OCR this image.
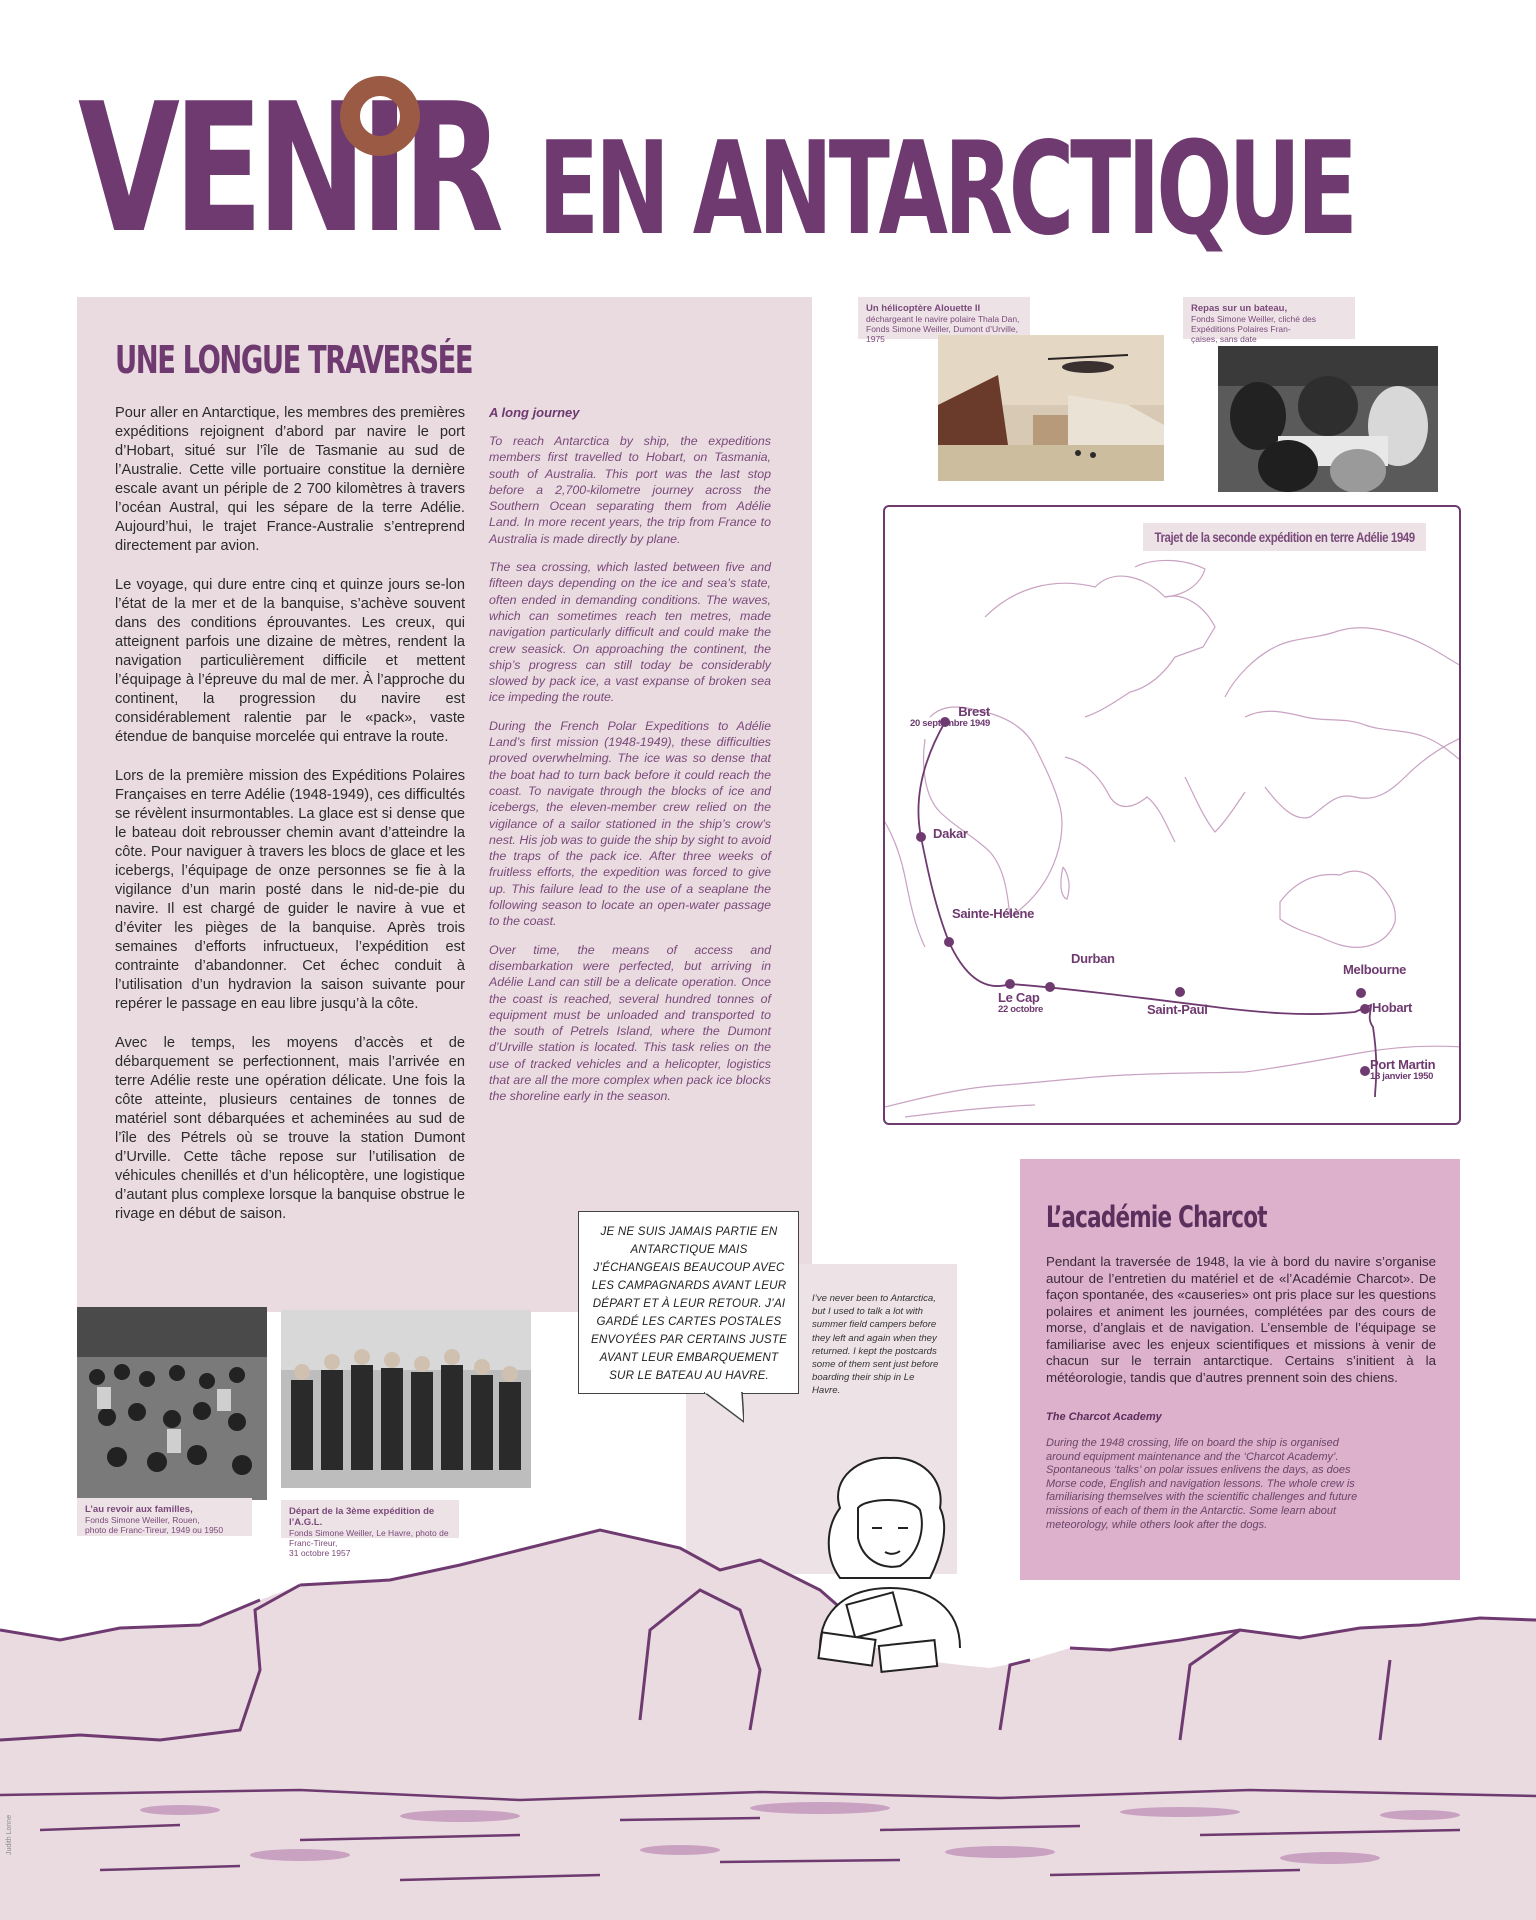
VENIR EN ANTARCTIQUE
UNE LONGUE TRAVERSÉE

Pour aller en Antarctique, les membres des premières expéditions rejoignent d’abord par navire le port d’Hobart, situé sur l’île de Tasmanie au sud de l’Australie. Cette ville portuaire constitue la dernière escale avant un périple de 2 700 kilomètres à travers l’océan Austral, qui les sépare de la terre Adélie. Aujourd’hui, le trajet France-Australie s’entreprend directement par avion.

Le voyage, qui dure entre cinq et quinze jours se-lon l’état de la mer et de la banquise, s’achève souvent dans des conditions éprouvantes. Les creux, qui atteignent parfois une dizaine de mètres, rendent la navigation particulièrement difficile et mettent l’équipage à l’épreuve du mal de mer. À l’approche du continent, la progression du navire est considérablement ralentie par le «pack», vaste étendue de banquise morcelée qui entrave la route.

Lors de la première mission des Expéditions Polaires Françaises en terre Adélie (1948-1949), ces difficultés se révèlent insurmontables. La glace est si dense que le bateau doit rebrousser chemin avant d’atteindre la côte. Pour naviguer à travers les blocs de glace et les icebergs, l’équipage de onze personnes se fie à la vigilance d’un marin posté dans le nid-de-pie du navire. Il est chargé de guider le navire à vue et d’éviter les pièges de la banquise. Après trois semaines d’efforts infructueux, l’expédition est contrainte d’abandonner. Cet échec conduit à l’utilisation d’un hydravion la saison suivante pour repérer le passage en eau libre jusqu’à la côte.

Avec le temps, les moyens d’accès et de débarquement se perfectionnent, mais l’arrivée en terre Adélie reste une opération délicate. Une fois la côte atteinte, plusieurs centaines de tonnes de matériel sont débarquées et acheminées au sud de l’île des Pétrels où se trouve la station Dumont d’Urville. Cette tâche repose sur l’utilisation de véhicules chenillés et d’un hélicoptère, une logistique d’autant plus complexe lorsque la banquise obstrue le rivage en début de saison.

A long journey

To reach Antarctica by ship, the expeditions members first travelled to Hobart, on Tasmania, south of Australia. This port was the last stop before a 2,700-kilometre journey across the Southern Ocean separating them from Adélie Land. In more recent years, the trip from France to Australia is made directly by plane.

The sea crossing, which lasted between five and fifteen days depending on the ice and sea’s state, often ended in demanding conditions. The waves, which can sometimes reach ten metres, made navigation particularly difficult and could make the crew seasick. On approaching the continent, the ship’s progress can still today be considerably slowed by pack ice, a vast expanse of broken sea ice impeding the route.

During the French Polar Expeditions to Adélie Land’s first mission (1948-1949), these difficulties proved overwhelming. The ice was so dense that the boat had to turn back before it could reach the coast. To navigate through the blocks of ice and icebergs, the eleven-member crew relied on the vigilance of a sailor stationed in the ship’s crow’s nest. His job was to guide the ship by sight to avoid the traps of the pack ice. After three weeks of fruitless efforts, the expedition was forced to give up. This failure lead to the use of a seaplane the following season to locate an open-water passage to the coast.

Over time, the means of access and disembarkation were perfected, but arriving in Adélie Land can still be a delicate operation. Once the coast is reached, several hundred tonnes of equipment must be unloaded and transported to the south of Petrels Island, where the Dumont d’Urville station is located. This task relies on the use of tracked vehicles and a helicopter, logistics that are all the more complex when pack ice blocks the shoreline early in the season.

Un hélicoptère Alouette II
déchargeant le navire polaire Thala Dan,
Fonds Simone Weiller, Dumont d’Urville, 1975
Repas sur un bateau,
Fonds Simone Weiller, cliché des Expéditions Polaires Fran-
çaises, sans date
Trajet de la seconde expédition en terre Adélie 1949
Brest
20 septembre 1949
Dakar
Sainte-Hélène
Le Cap
22 octobre
Durban
Saint-Paul
Melbourne
Hobart
Port Martin
18 janvier 1950
L’académie Charcot
Pendant la traversée de 1948, la vie à bord du navire s’organise autour de l’entretien du matériel et de «l’Académie Charcot». De façon spontanée, des «causeries» ont pris place sur les questions polaires et animent les journées, complétées par des cours de morse, d’anglais et de navigation. L’ensemble de l’équipage se familiarise avec les enjeux scientifiques et missions à venir de chacun sur le terrain antarctique. Certains s’initient à la météorologie, tandis que d’autres prennent soin des chiens.
The Charcot Academy
During the 1948 crossing, life on board the ship is organised around equipment maintenance and the ‘Charcot Academy’. Spontaneous ‘talks’ on polar issues enlivens the days, as does Morse code, English and navigation lessons. The whole crew is familiarising themselves with the scientific challenges and future missions of each of them in the Antarctic. Some learn about meteorology, while others look after the dogs.
L’au revoir aux familles,
Fonds Simone Weiller, Rouen,
photo de Franc-Tireur, 1949 ou 1950
Départ de la 3ème expédition de l’A.G.L.
Fonds Simone Weiller, Le Havre, photo de Franc-Tireur,
31 octobre 1957
I’ve never been to Antarctica, but I used to talk a lot with summer field campers before they left and again when they returned. I kept the postcards some of them sent just before boarding their ship in Le Havre.
JE NE SUIS JAMAIS PARTIE EN ANTARCTIQUE MAIS J’ÉCHANGEAIS BEAUCOUP AVEC LES CAMPAGNARDS AVANT LEUR DÉPART ET À LEUR RETOUR. J’AI GARDÉ LES CARTES POSTALES ENVOYÉES PAR CERTAINS JUSTE AVANT LEUR EMBARQUEMENT SUR LE BATEAU AU HAVRE.
Judith Lonne
